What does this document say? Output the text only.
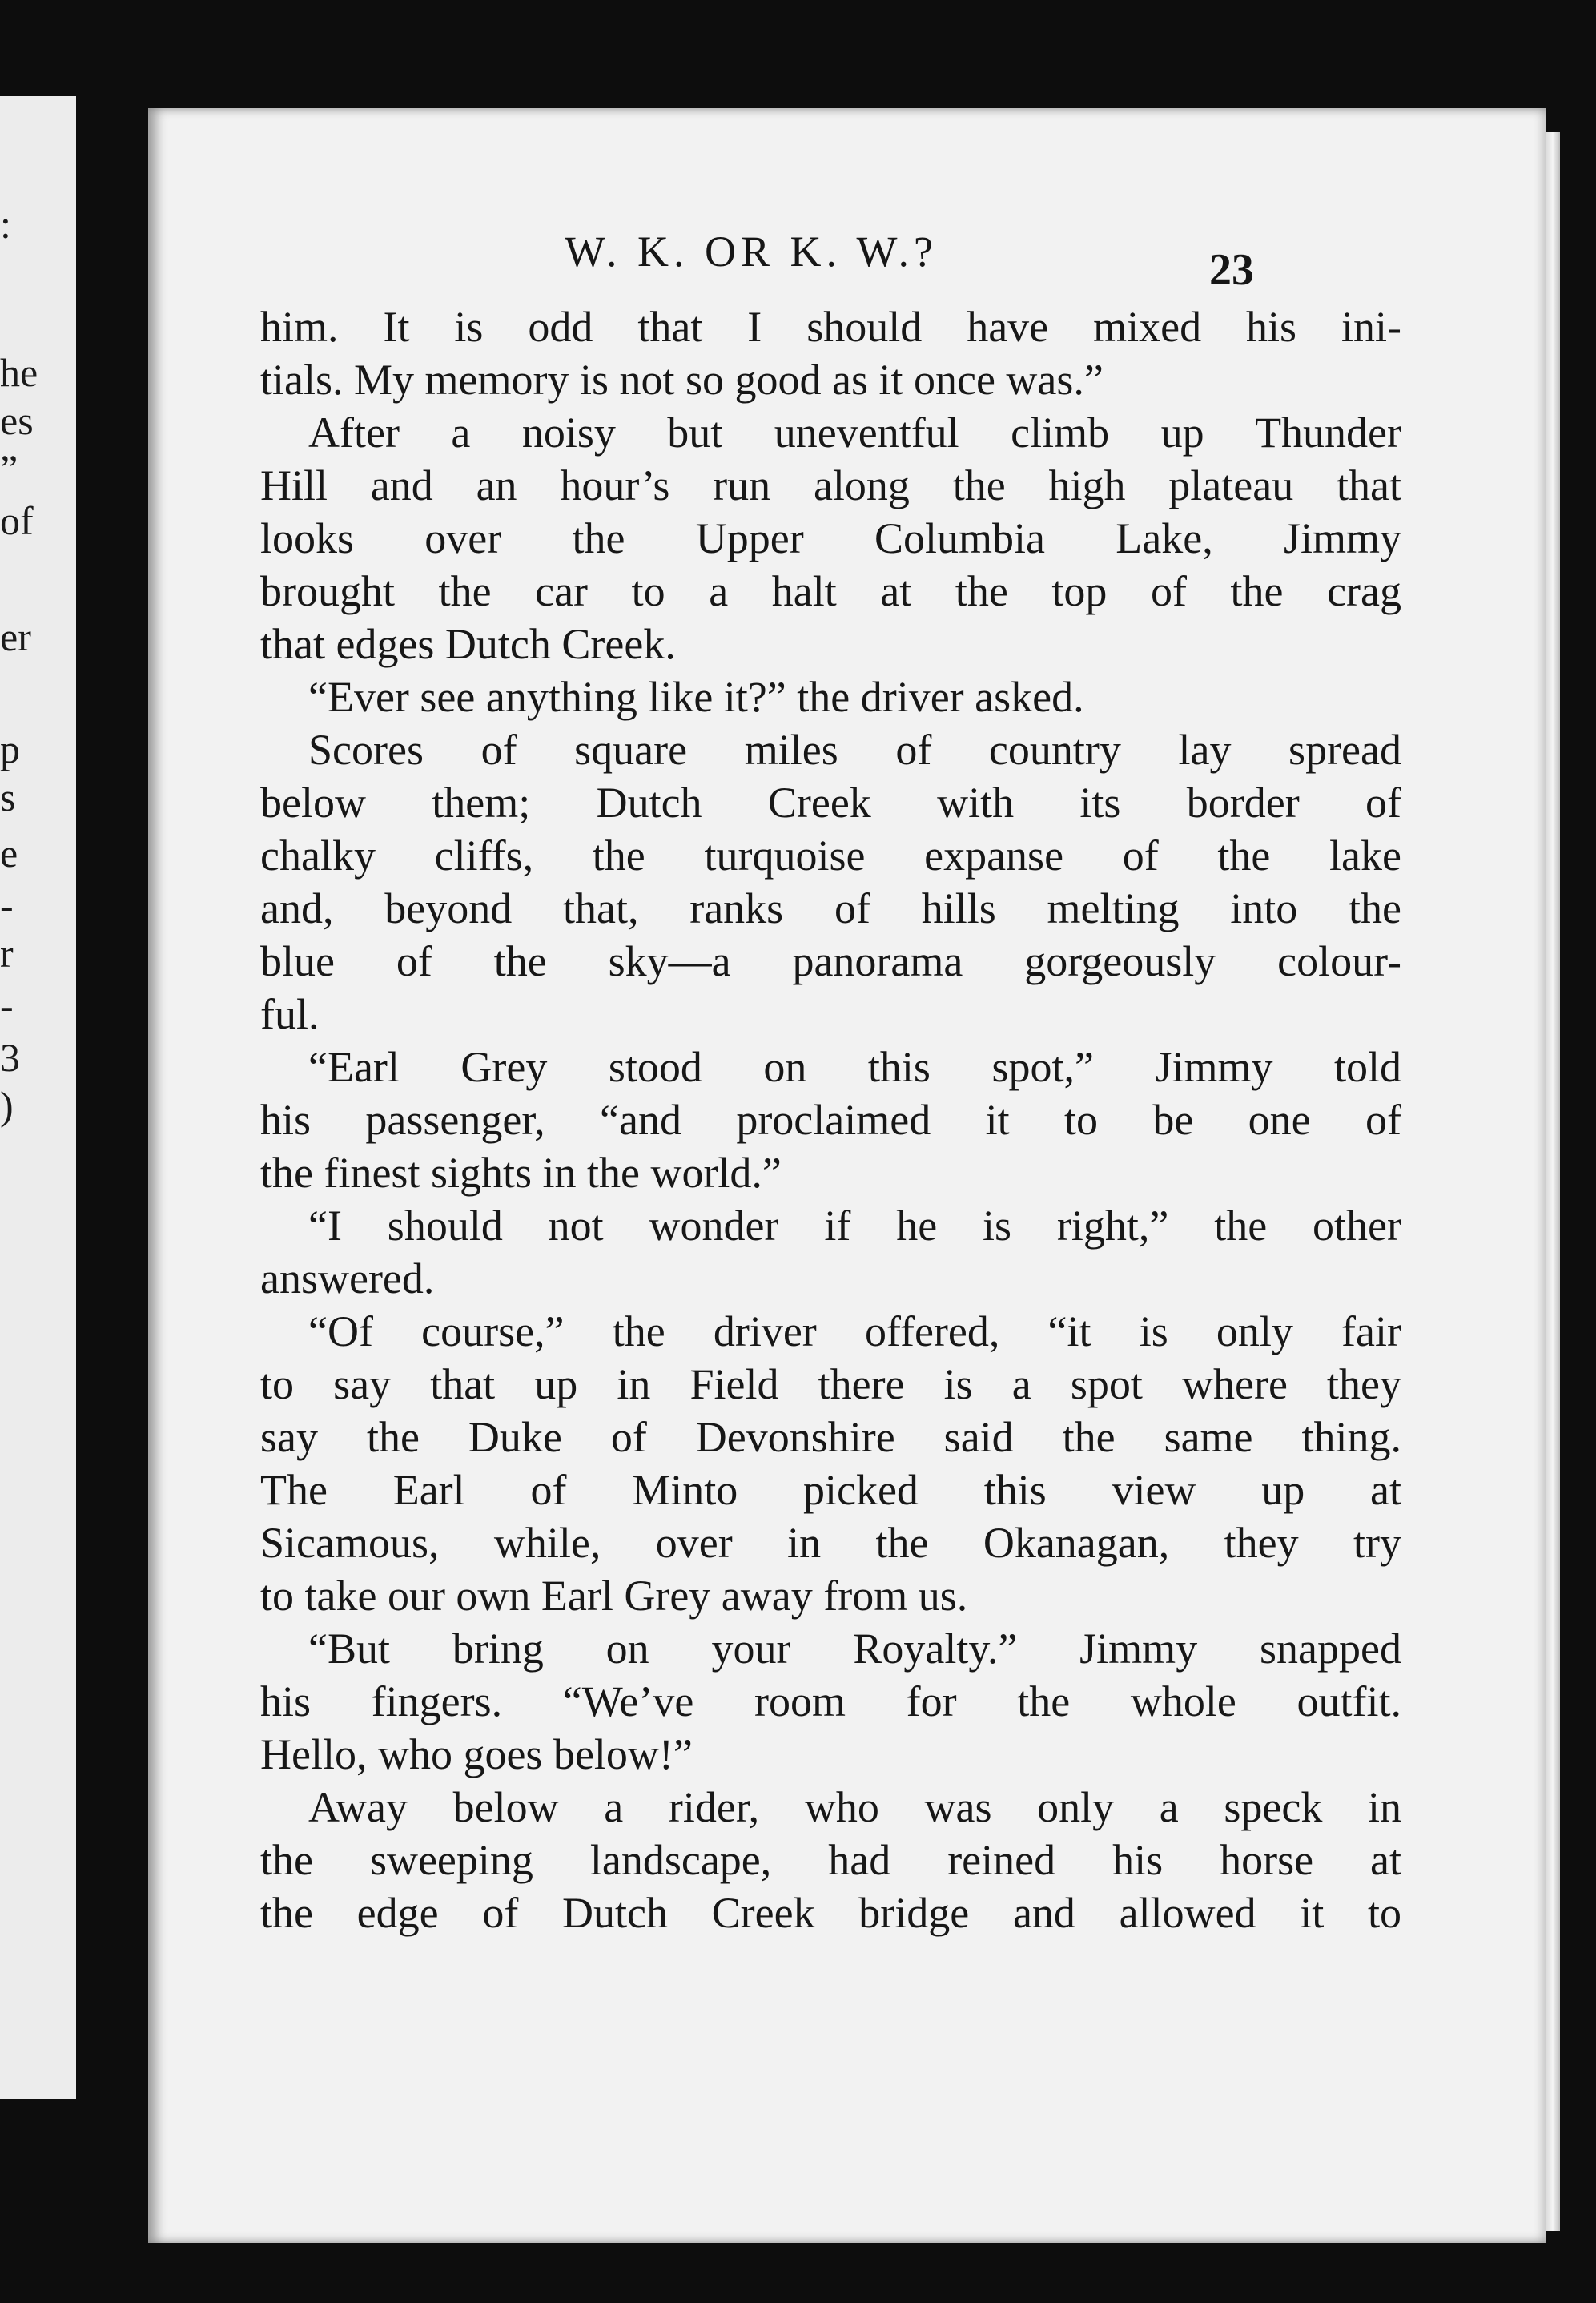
:
he
es
”
of
er
p
s
e
-
r
-
3
)
W. K. OR K. W.?	23
him. It is odd that I should have mixed his ini-
tials. My memory is not so good as it once was.”
After a noisy but uneventful climb up Thunder
Hill and an hour’s run along the high plateau that
looks over the Upper Columbia Lake, Jimmy
brought the car to a halt at the top of the crag
that edges Dutch Creek.
“Ever see anything like it?” the driver asked.
Scores of square miles of country lay spread
below them; Dutch Creek with its border of
chalky cliffs, the turquoise expanse of the lake
and, beyond that, ranks of hills melting into the
blue of the sky—a panorama gorgeously colour-
ful.
“Earl Grey stood on this spot,” Jimmy told
his passenger, “and proclaimed it to be one of
the finest sights in the world.”
“I should not wonder if he is right,” the other
answered.
“Of course,” the driver offered, “it is only fair
to say that up in Field there is a spot where they
say the Duke of Devonshire said the same thing.
The Earl of Minto picked this view up at
Sicamous, while, over in the Okanagan, they try
to take our own Earl Grey away from us.
“But bring on your Royalty.” Jimmy snapped
his fingers. “We’ve room for the whole outfit.
Hello, who goes below!”
Away below a rider, who was only a speck in
the sweeping landscape, had reined his horse at
the edge of Dutch Creek bridge and allowed it to
